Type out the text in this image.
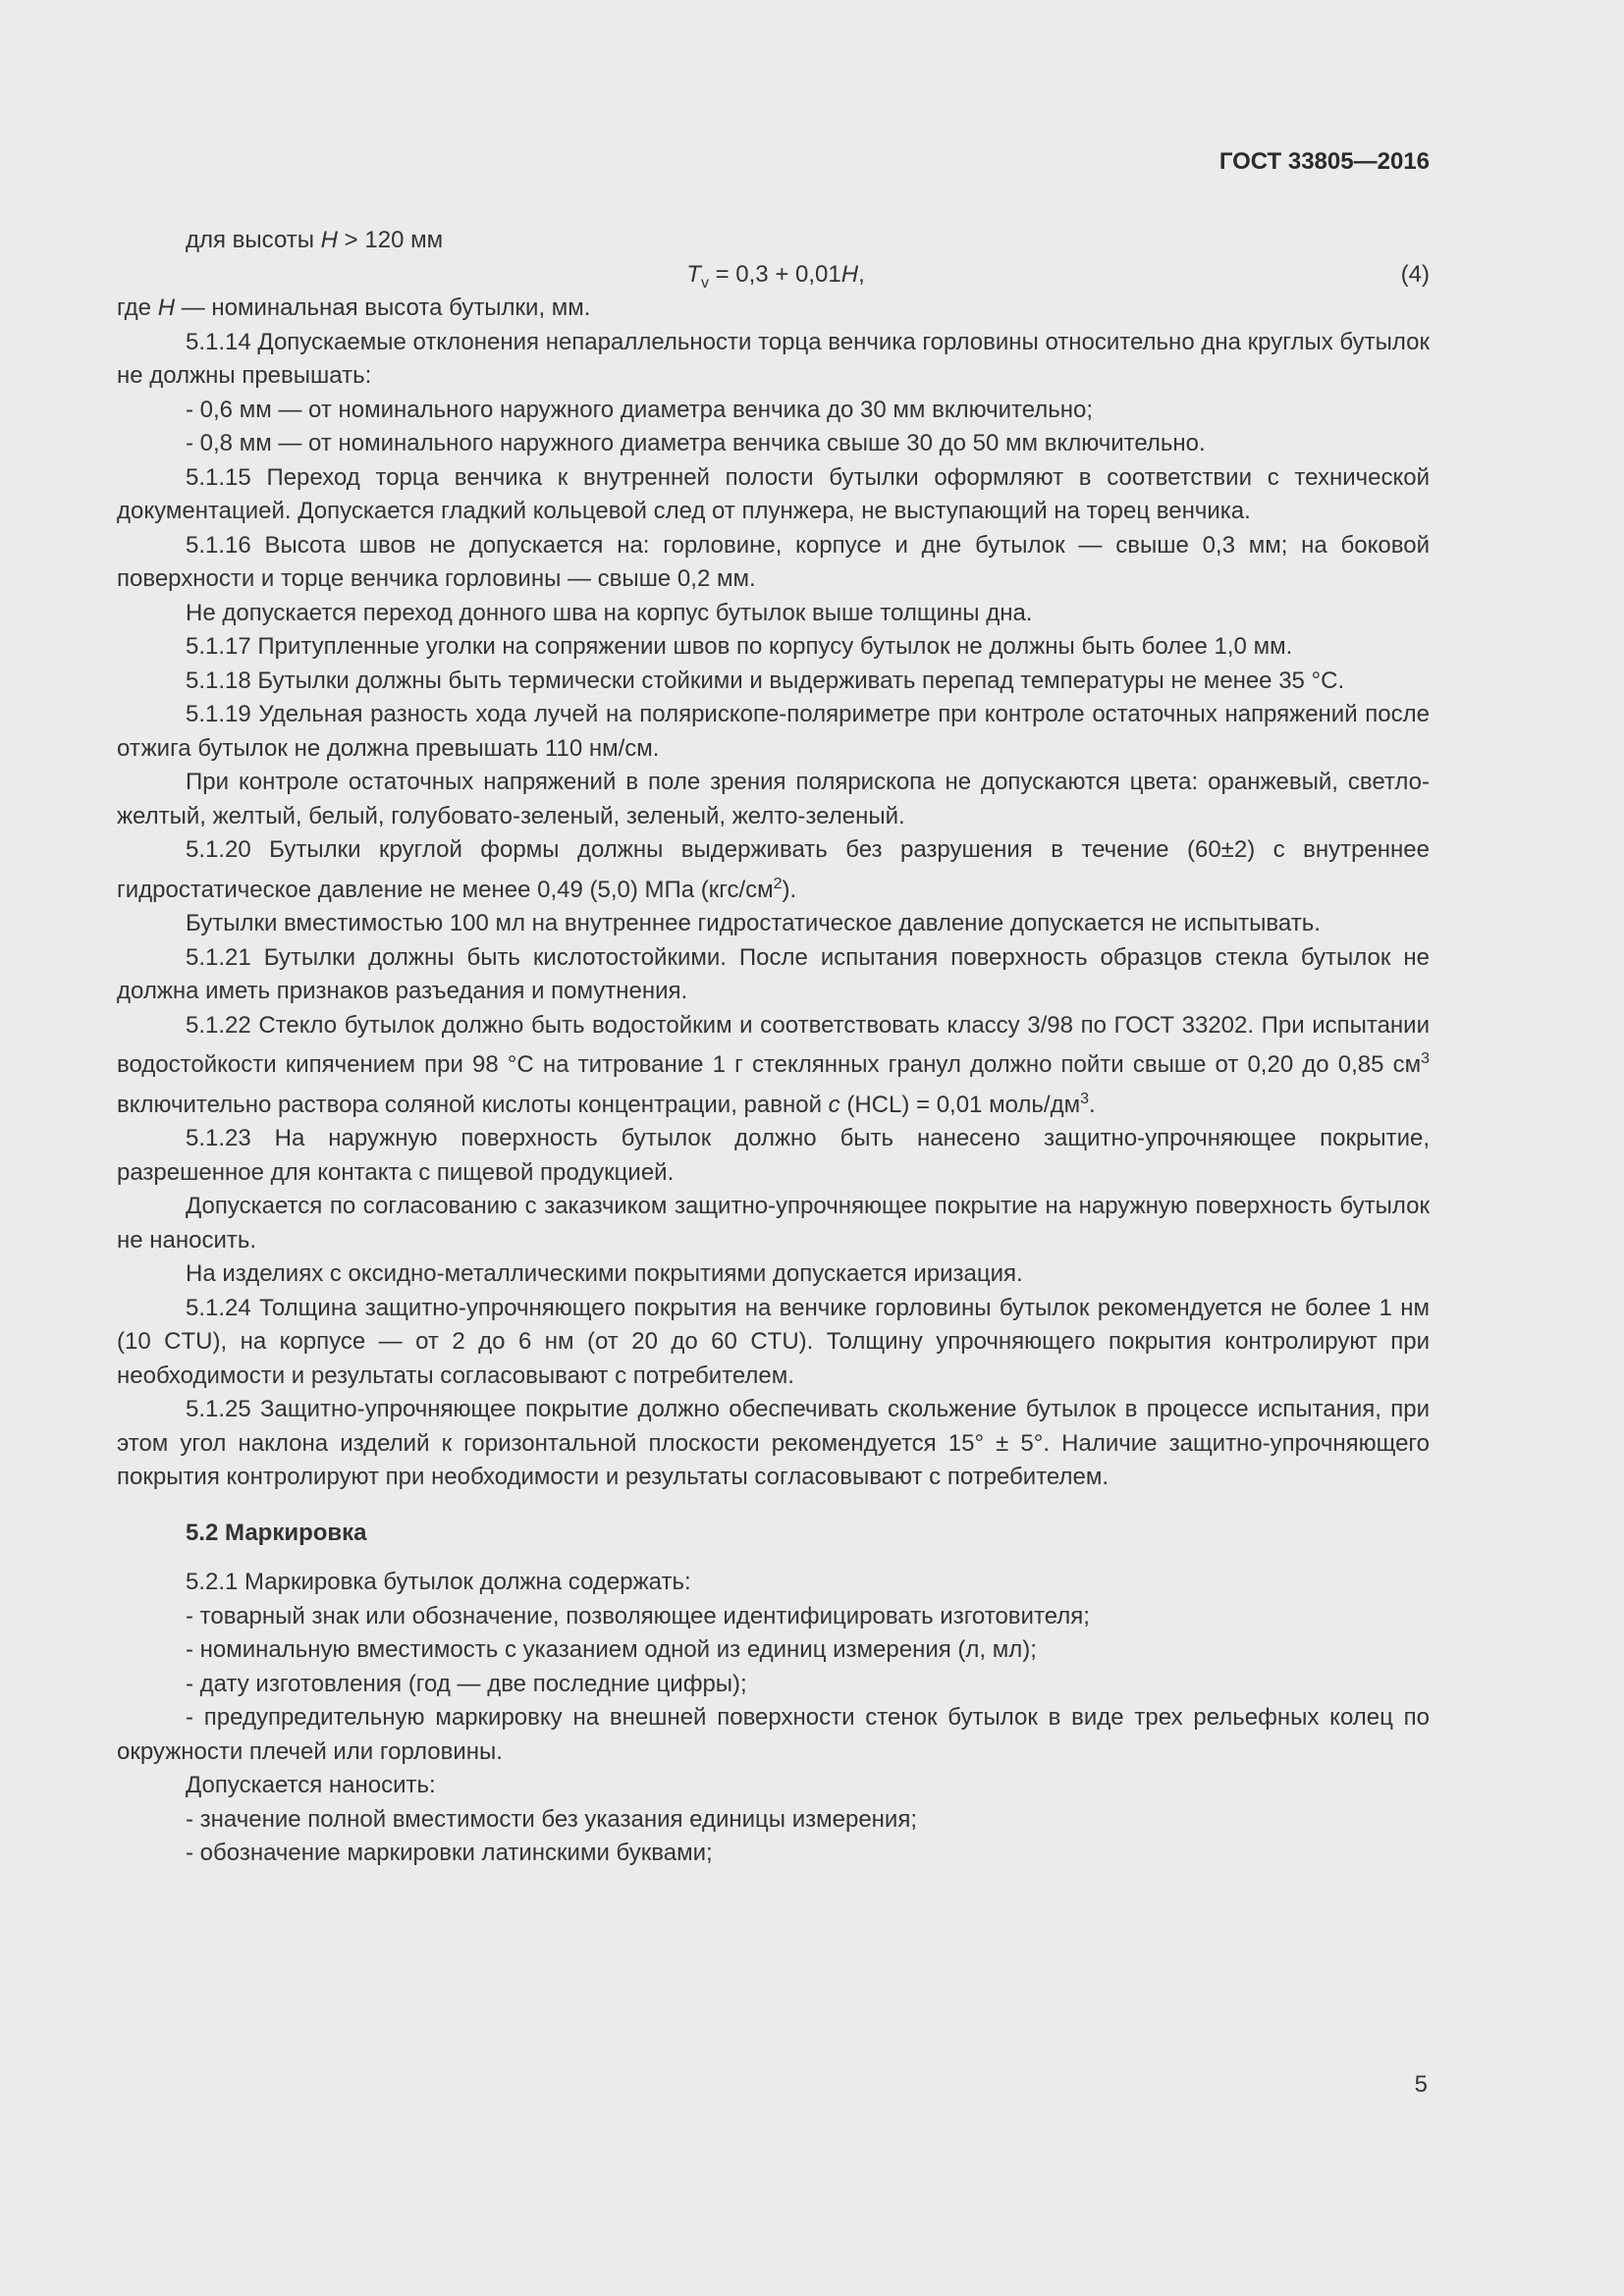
ГОСТ 33805—2016

для высоты H > 120 мм

$T_v = 0,3 + 0,01H$,	(4)

где H — номинальная высота бутылки, мм.

5.1.14 Допускаемые отклонения непараллельности торца венчика горловины относительно дна круглых бутылок не должны превышать:

- 0,6 мм — от номинального наружного диаметра венчика до 30 мм включительно;

- 0,8 мм — от номинального наружного диаметра венчика свыше 30 до 50 мм включительно.

5.1.15 Переход торца венчика к внутренней полости бутылки оформляют в соответствии с технической документацией. Допускается гладкий кольцевой след от плунжера, не выступающий на торец венчика.

5.1.16 Высота швов не допускается на: горловине, корпусе и дне бутылок — свыше 0,3 мм; на боковой поверхности и торце венчика горловины — свыше 0,2 мм.

Не допускается переход донного шва на корпус бутылок выше толщины дна.

5.1.17 Притупленные уголки на сопряжении швов по корпусу бутылок не должны быть более 1,0 мм.

5.1.18 Бутылки должны быть термически стойкими и выдерживать перепад температуры не менее 35 °С.

5.1.19 Удельная разность хода лучей на полярископе-поляриметре при контроле остаточных напряжений после отжига бутылок не должна превышать 110 нм/см.

При контроле остаточных напряжений в поле зрения полярископа не допускаются цвета: оранжевый, светло-желтый, желтый, белый, голубовато-зеленый, зеленый, желто-зеленый.

5.1.20 Бутылки круглой формы должны выдерживать без разрушения в течение (60±2) с внутреннее гидростатическое давление не менее 0,49 (5,0) МПа $(кгс/см^2)$.

Бутылки вместимостью 100 мл на внутреннее гидростатическое давление допускается не испытывать.

5.1.21 Бутылки должны быть кислотостойкими. После испытания поверхность образцов стекла бутылок не должна иметь признаков разъедания и помутнения.

5.1.22 Стекло бутылок должно быть водостойким и соответствовать классу 3/98 по ГОСТ 33202. При испытании водостойкости кипячением при 98 °С на титрование 1 г стеклянных гранул должно пойти свыше от 0,20 до 0,85 $см^3$ включительно раствора соляной кислоты концентрации, равной c (HCL) = 0,01 моль/$дм^3$.

5.1.23 На наружную поверхность бутылок должно быть нанесено защитно-упрочняющее покрытие, разрешенное для контакта с пищевой продукцией.

Допускается по согласованию с заказчиком защитно-упрочняющее покрытие на наружную поверхность бутылок не наносить.

На изделиях с оксидно-металлическими покрытиями допускается иризация.

5.1.24 Толщина защитно-упрочняющего покрытия на венчике горловины бутылок рекомендуется не более 1 нм (10 CTU), на корпусе — от 2 до 6 нм (от 20 до 60 CTU). Толщину упрочняющего покрытия контролируют при необходимости и результаты согласовывают с потребителем.

5.1.25 Защитно-упрочняющее покрытие должно обеспечивать скольжение бутылок в процессе испытания, при этом угол наклона изделий к горизонтальной плоскости рекомендуется 15° ± 5°. Наличие защитно-упрочняющего покрытия контролируют при необходимости и результаты согласовывают с потребителем.

5.2 Маркировка

5.2.1 Маркировка бутылок должна содержать:

- товарный знак или обозначение, позволяющее идентифицировать изготовителя;

- номинальную вместимость с указанием одной из единиц измерения (л, мл);

- дату изготовления (год — две последние цифры);

- предупредительную маркировку на внешней поверхности стенок бутылок в виде трех рельефных колец по окружности плечей или горловины.

Допускается наносить:

- значение полной вместимости без указания единицы измерения;

- обозначение маркировки латинскими буквами;

5
